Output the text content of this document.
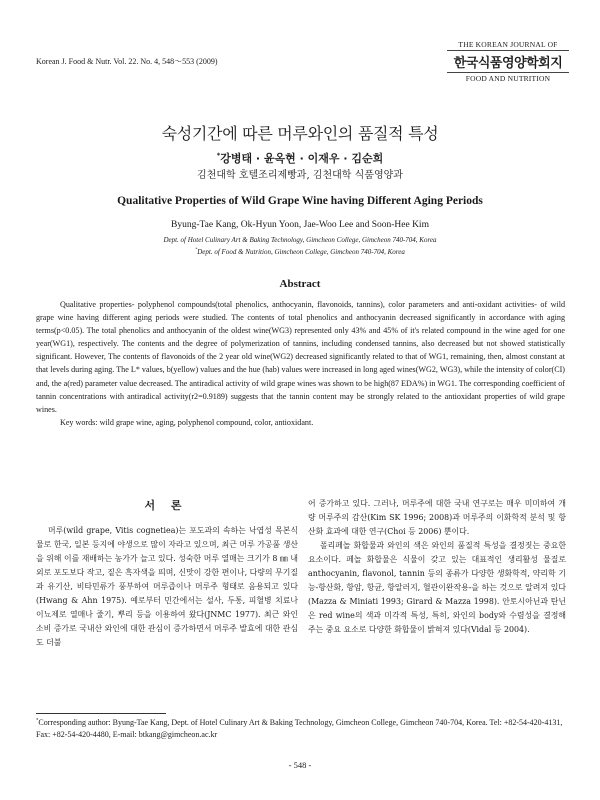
Korean J. Food & Nutr. Vol. 22. No. 4, 548～553 (2009)
THE KOREAN JOURNAL OF
한국식품영양학회지
FOOD AND NUTRITION
숙성기간에 따른 머루와인의 품질적 특성
*강병태 · 윤옥현 · 이재우 · 김순희
김천대학 호텔조리제빵과, 김천대학 식품영양과
Qualitative Properties of Wild Grape Wine having Different Aging Periods
Byung-Tae Kang, Ok-Hyun Yoon, Jae-Woo Lee and Soon-Hee Kim
Dept. of Hotel Culinary Art & Baking Technology, Gimcheon College, Gimcheon 740-704, Korea
*Dept. of Food & Nutrition, Gimcheon College, Gimcheon 740-704, Korea
Abstract

Qualitative properties- polyphenol compounds(total phenolics, anthocyanin, flavonoids, tannins), color parameters and anti-oxidant activities- of wild grape wine having different aging periods were studied. The contents of total phenolics and anthocyanin decreased significantly in accordance with aging terms(p<0.05). The total phenolics and anthocyanin of the oldest wine(WG3) represented only 43% and 45% of it's related compound in the wine aged for one year(WG1), respectively. The contents and the degree of polymerization of tannins, including condensed tannins, also decreased but not showed statistically significant. However, The contents of flavonoids of the 2 year old wine(WG2) decreased significantly related to that of WG1, remaining, then, almost constant at that levels during aging. The L* values, b(yellow) values and the hue (hab) values were increased in long aged wines(WG2, WG3), while the intensity of color(CI) and, the a(red) parameter value decreased. The antiradical activity of wild grape wines was shown to be high(87 EDA%) in WG1. The corresponding coefficient of tannin concentrations with antiradical activity(r2=0.9189) suggests that the tannin content may be strongly related to the antioxidant properties of wild grape wines.

Key words: wild grape wine, aging, polyphenol compound, color, antioxidant.

서 론
머루(wild grape, Vitis cognetiea)는 포도과의 속하는 낙엽성 목본식물로 한국, 일본 등지에 야생으로 많이 자라고 있으며, 최근 머루 가공품 생산을 위해 이를 재배하는 농가가 늘고 있다. 성숙한 머루 열매는 크기가 8 ㎜ 내외로 포도보다 작고, 짙은 흑자색을 띄며, 신맛이 강한 편이나, 다량의 무기질과 유기산, 비타민류가 풍부하여 머루즙이나 머루주 형태로 음용되고 있다(Hwang & Ahn 1975). 예로부터 민간에서는 설사, 두통, 피혈병 치료나 이뇨제로 열매나 줄기, 뿌리 등을 이용하여 왔다(JNMC 1977). 최근 와인 소비 증가로 국내산 와인에 대한 관심이 증가하면서 머루주 발효에 대한 관심도 더불

어 증가하고 있다. 그러나, 머루주에 대한 국내 연구로는 매우 미미하여 개량 머루주의 감산(Kim SK 1996; 2008)과 머루주의 이화학적 분석 및 항산화 효과에 대한 연구(Choi 등 2006) 뿐이다.

폴리페놀 화합물과 와인의 색은 와인의 품질적 특성을 결정짓는 중요한 요소이다. 페놀 화합물은 식물이 갖고 있는 대표적인 생리활성 물질로 anthocyanin, flavonol, tannin 등의 종류가 다양한 생화학적, 약리학 기능-항산화, 항암, 항균, 항알러지, 혈관이완작용-을 하는 것으로 알려져 있다(Mazza & Miniati 1993; Girard & Mazza 1998). 안토시아닌과 탄닌은 red wine의 색과 미각적 특성, 특히, 와인의 body와 수렴성을 결정해 주는 중요 요소로 다양한 화합물이 밝혀져 있다(Vidal 등 2004).

*Corresponding author: Byung-Tae Kang, Dept. of Hotel Culinary Art & Baking Technology, Gimcheon College, Gimcheon 740-704, Korea. Tel: +82-54-420-4131, Fax: +82-54-420-4480, E-mail: btkang@gimcheon.ac.kr
- 548 -
